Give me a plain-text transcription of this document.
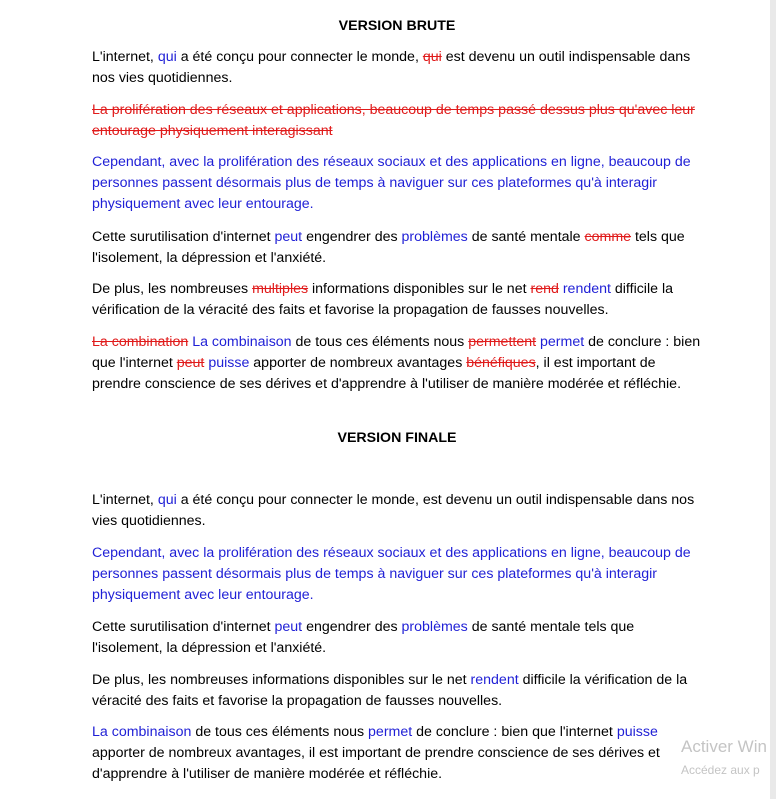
VERSION BRUTE

L'internet, qui a été conçu pour connecter le monde, qui est devenu un outil indispensable dans nos vies quotidiennes.

La prolifération des réseaux et applications, beaucoup de temps passé dessus plus qu'avec leur entourage physiquement interagissant

Cependant, avec la prolifération des réseaux sociaux et des applications en ligne, beaucoup de personnes passent désormais plus de temps à naviguer sur ces plateformes qu'à interagir physiquement avec leur entourage.

Cette surutilisation d'internet peut engendrer des problèmes de santé mentale comme tels que l'isolement, la dépression et l'anxiété.

De plus, les nombreuses multiples informations disponibles sur le net rend rendent difficile la vérification de la véracité des faits et favorise la propagation de fausses nouvelles.

La combination La combinaison de tous ces éléments nous permettent permet de conclure : bien que l'internet peut puisse apporter de nombreux avantages bénéfiques, il est important de prendre conscience de ses dérives et d'apprendre à l'utiliser de manière modérée et réfléchie.

VERSION FINALE

L'internet, qui a été conçu pour connecter le monde, est devenu un outil indispensable dans nos vies quotidiennes.

Cependant, avec la prolifération des réseaux sociaux et des applications en ligne, beaucoup de personnes passent désormais plus de temps à naviguer sur ces plateformes qu'à interagir physiquement avec leur entourage.

Cette surutilisation d'internet peut engendrer des problèmes de santé mentale tels que l'isolement, la dépression et l'anxiété.

De plus, les nombreuses informations disponibles sur le net rendent difficile la vérification de la véracité des faits et favorise la propagation de fausses nouvelles.

La combinaison de tous ces éléments nous permet de conclure : bien que l'internet puisse apporter de nombreux avantages, il est important de prendre conscience de ses dérives et d'apprendre à l'utiliser de manière modérée et réfléchie.

Activer Win
Accédez aux p
